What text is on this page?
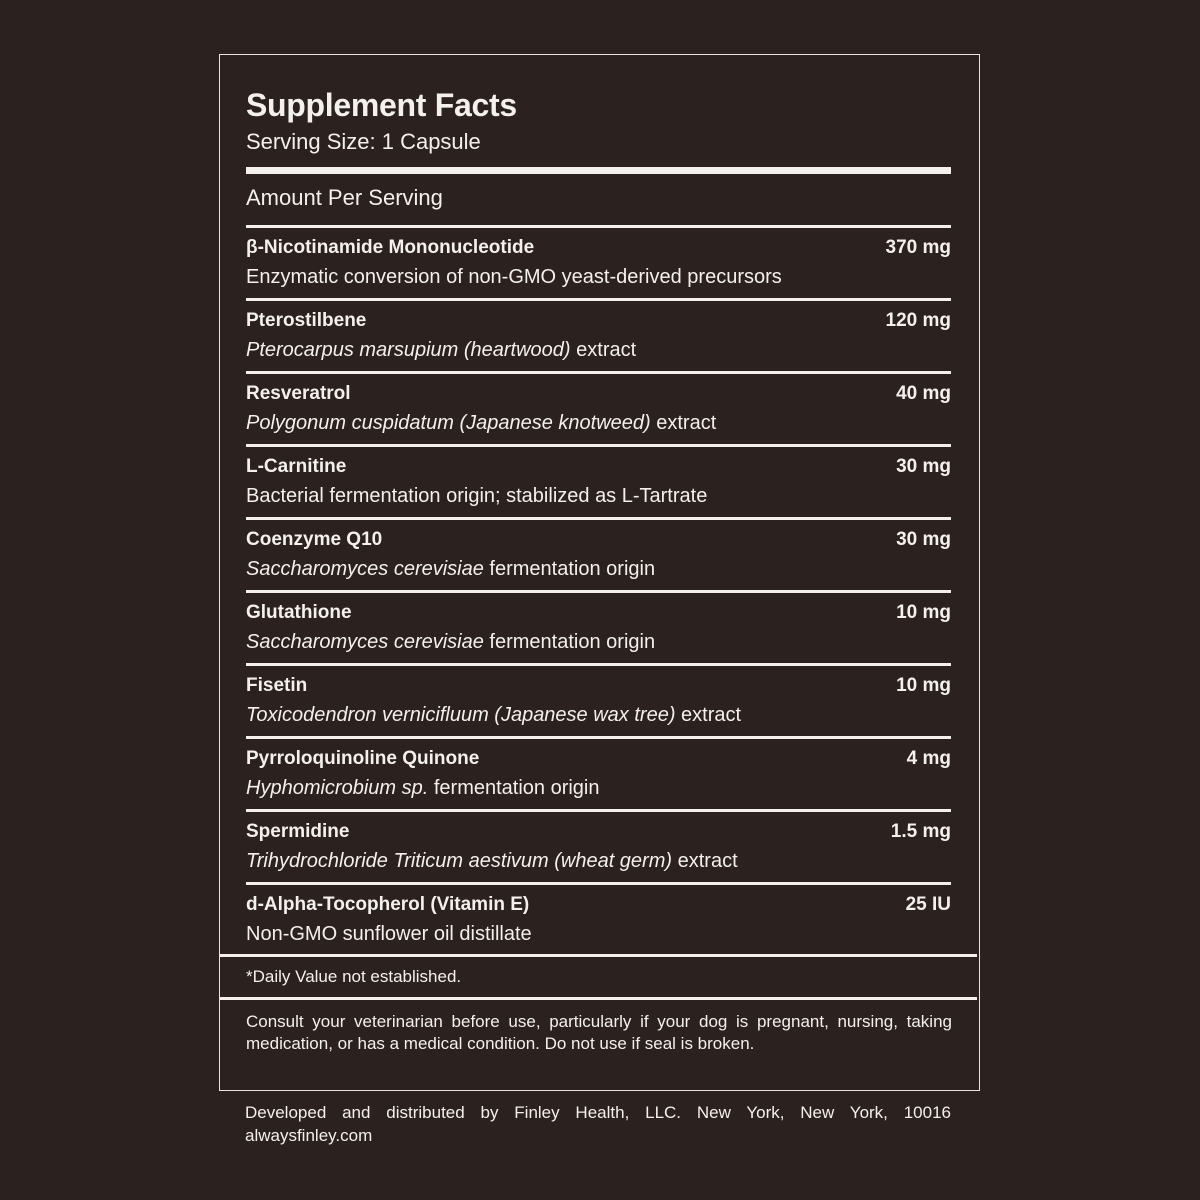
Supplement Facts
Serving Size: 1 Capsule
Amount Per Serving
β-Nicotinamide Mononucleotide	370 mg
Enzymatic conversion of non-GMO yeast-derived precursors
Pterostilbene	120 mg
Pterocarpus marsupium (heartwood) extract
Resveratrol	40 mg
Polygonum cuspidatum (Japanese knotweed) extract
L-Carnitine	30 mg
Bacterial fermentation origin; stabilized as L-Tartrate
Coenzyme Q10	30 mg
Saccharomyces cerevisiae fermentation origin
Glutathione	10 mg
Saccharomyces cerevisiae fermentation origin
Fisetin	10 mg
Toxicodendron vernicifluum (Japanese wax tree) extract
Pyrroloquinoline Quinone	4 mg
Hyphomicrobium sp. fermentation origin
Spermidine	1.5 mg
Trihydrochloride Triticum aestivum (wheat germ) extract
d-Alpha-Tocopherol (Vitamin E)	25 IU
Non-GMO sunflower oil distillate
*Daily Value not established.
Consult your veterinarian before use, particularly if your dog is pregnant, nursing, taking medication, or has a medical condition. Do not use if seal is broken.
Developed and distributed by Finley Health, LLC. New York, New York, 10016
alwaysfinley.com
